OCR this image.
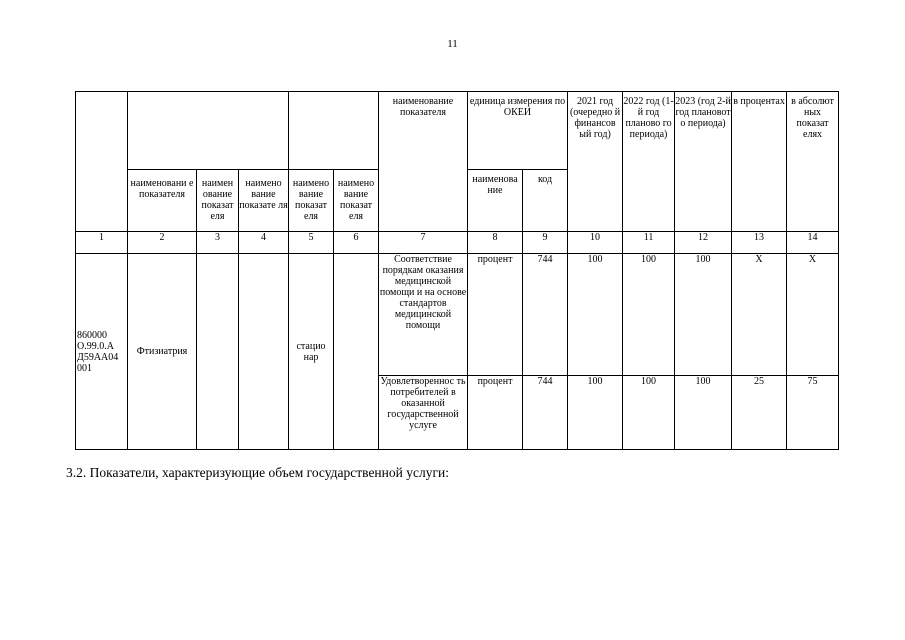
11
						наименование показателя	единица измерения по ОКЕИ		2021 год (очередно й финансов ый год)	2022 год (1-й год планово го периода)	2023 (год 2-й год плановот о периода)	в процентах	в абсолют ных показат елях
	наименовани е показателя	наимен ование показат еля	наимено вание показате ля	наимено вание показат еля	наимено вание показат еля		наименова ние	код					
1	2	3	4	5	6	7	8	9	10	11	12	13	14
860000 О.99.0.А Д59АА04 001	Фтизиатрия			стацио нар		Соответствие порядкам оказания медицинской помощи и на основе стандартов медицинской помощи	процент	744	100	100	100	Х	Х
						Удовлетвореннос ть потребителей в оказанной государственной услуге	процент	744	100	100	100	25	75
3.2. Показатели, характеризующие объем государственной услуги:
